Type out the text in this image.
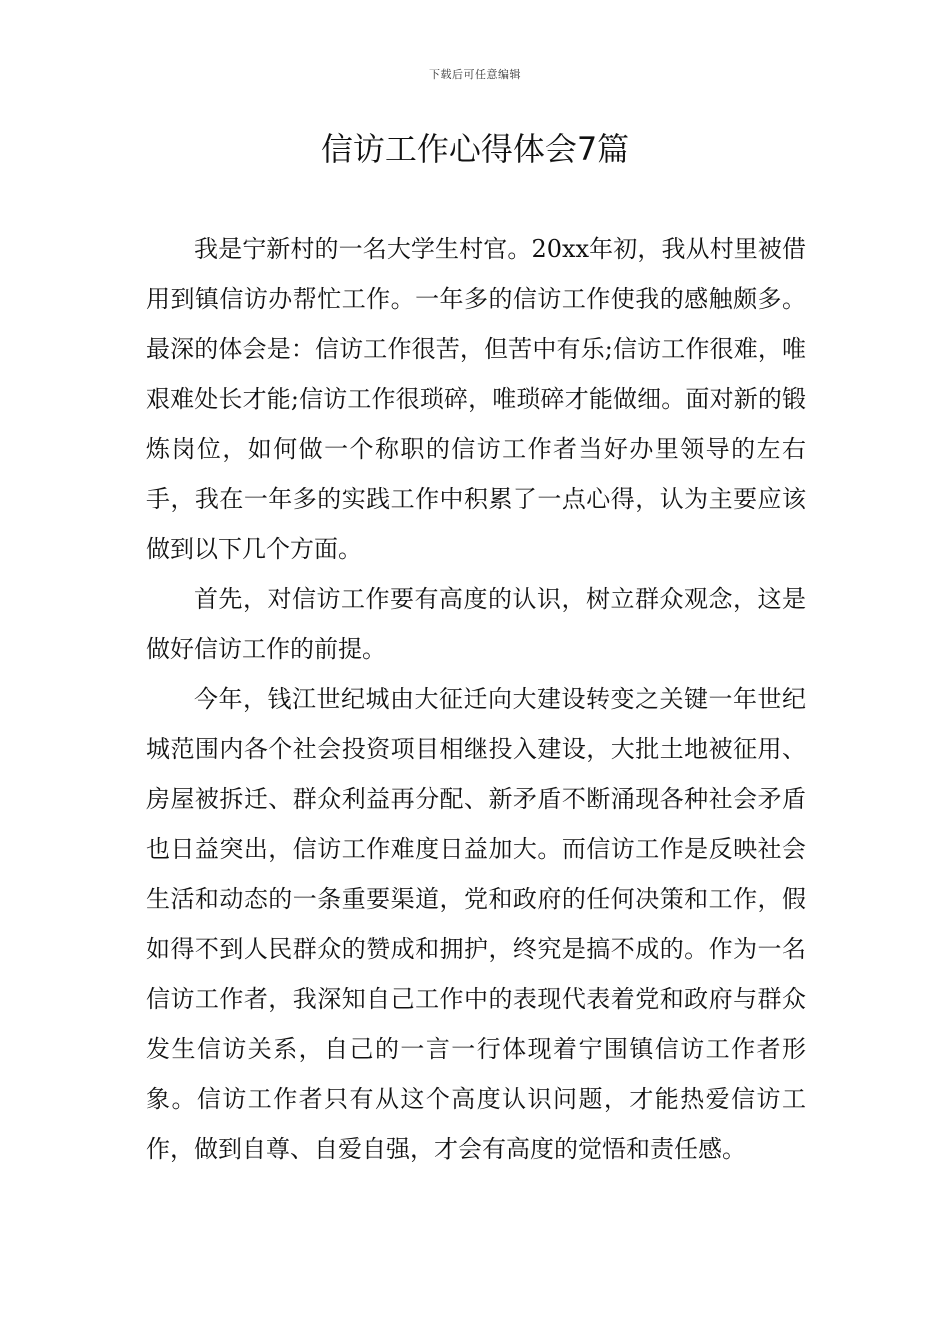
下载后可任意编辑
信访工作心得体会7篇

我是宁新村的一名大学生村官。20xx年初，我从村里被借用到镇信访办帮忙工作。一年多的信访工作使我的感触颇多。最深的体会是：信访工作很苦，但苦中有乐;信访工作很难，唯艰难处长才能;信访工作很琐碎，唯琐碎才能做细。面对新的锻炼岗位，如何做一个称职的信访工作者当好办里领导的左右手，我在一年多的实践工作中积累了一点心得，认为主要应该做到以下几个方面。

首先，对信访工作要有高度的认识，树立群众观念，这是做好信访工作的前提。

今年，钱江世纪城由大征迁向大建设转变之关键一年世纪城范围内各个社会投资项目相继投入建设，大批土地被征用、房屋被拆迁、群众利益再分配、新矛盾不断涌现各种社会矛盾也日益突出，信访工作难度日益加大。而信访工作是反映社会生活和动态的一条重要渠道，党和政府的任何决策和工作，假如得不到人民群众的赞成和拥护，终究是搞不成的。作为一名信访工作者，我深知自己工作中的表现代表着党和政府与群众发生信访关系，自己的一言一行体现着宁围镇信访工作者形象。信访工作者只有从这个高度认识问题，才能热爱信访工作，做到自尊、自爱自强，才会有高度的觉悟和责任感。
